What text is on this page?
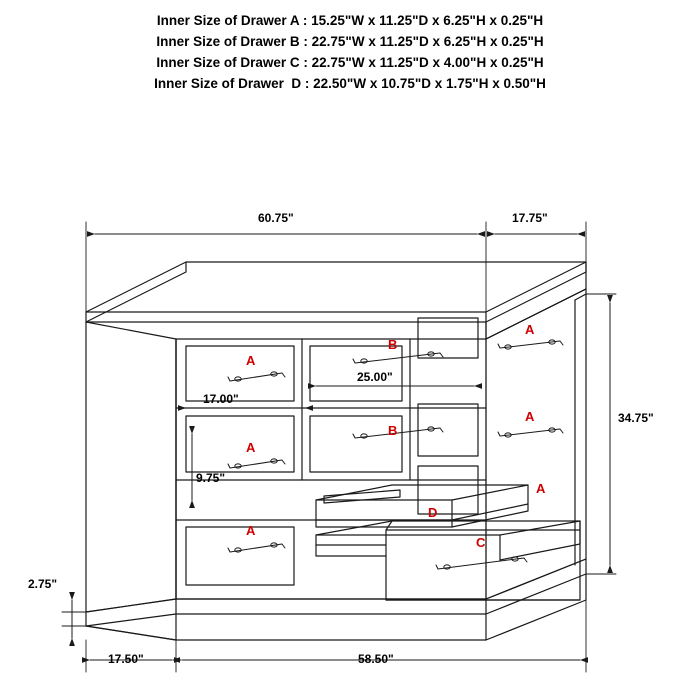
Inner Size of Drawer A : 15.25"W x 11.25"D x 6.25"H x 0.25"H
Inner Size of Drawer B : 22.75"W x 11.25"D x 6.25"H x 0.25"H
Inner Size of Drawer C : 22.75"W x 11.25"D x 4.00"H x 0.25"H
Inner Size of Drawer  D : 22.50"W x 10.75"D x 1.75"H x 0.50"H
60.75"	17.75"
34.75"
25.00"
17.00"
9.75"
2.75"
17.50"	58.50"
A
B
A
A
B
A
A
A
D
C
